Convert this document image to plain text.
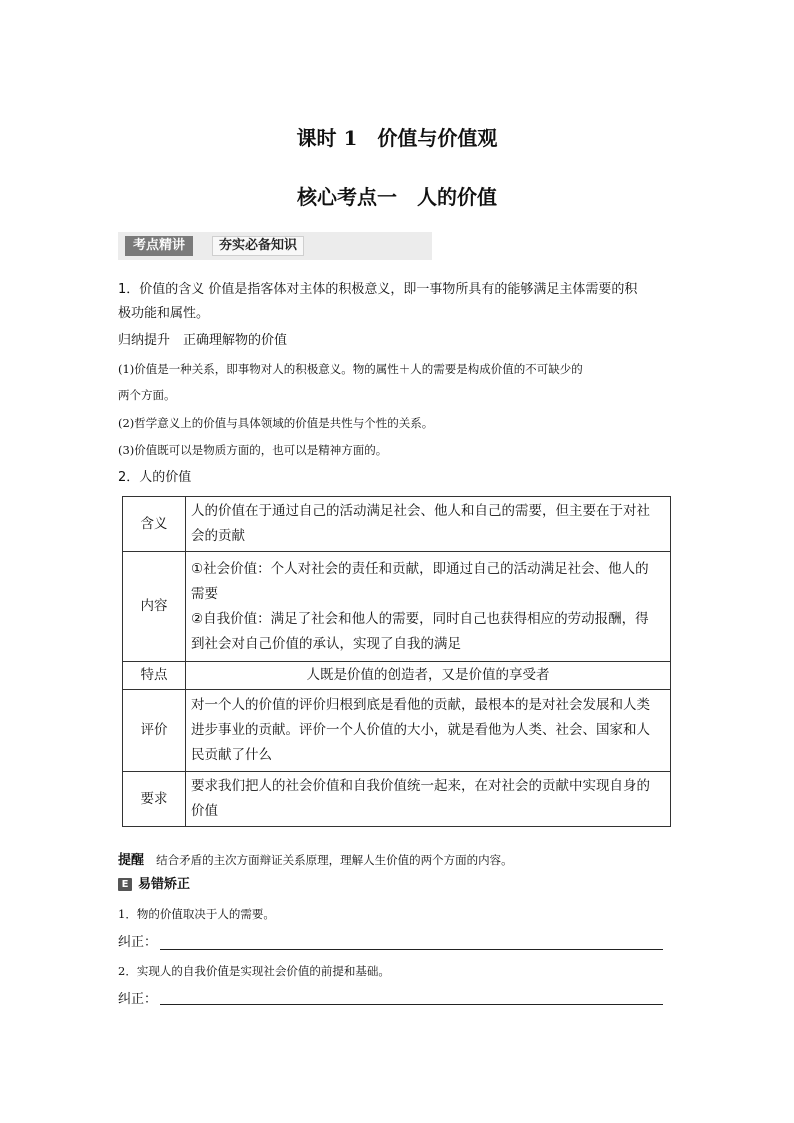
课时 1　价值与价值观
核心考点一　人的价值
考点精讲	夯实必备知识
1．价值的含义 价值是指客体对主体的积极意义，即一事物所具有的能够满足主体需要的积
极功能和属性。
归纳提升　正确理解物的价值
(1)价值是一种关系，即事物对人的积极意义。物的属性＋人的需要是构成价值的不可缺少的
两个方面。
(2)哲学意义上的价值与具体领域的价值是共性与个性的关系。
(3)价值既可以是物质方面的，也可以是精神方面的。
2．人的价值
含义	人的价值在于通过自己的活动满足社会、他人和自己的需要，但主要在于对社
会的贡献

内容	①社会价值：个人对社会的责任和贡献，即通过自己的活动满足社会、他人的
需要
②自我价值：满足了社会和他人的需要，同时自己也获得相应的劳动报酬，得
到社会对自己价值的承认，实现了自我的满足

特点	人既是价值的创造者，又是价值的享受者

评价	对一个人的价值的评价归根到底是看他的贡献，最根本的是对社会发展和人类
进步事业的贡献。评价一个人价值的大小，就是看他为人类、社会、国家和人
民贡献了什么

要求	要求我们把人的社会价值和自我价值统一起来，在对社会的贡献中实现自身的
价值
提醒 结合矛盾的主次方面辩证关系原理，理解人生价值的两个方面的内容。
E 易错矫正
1．物的价值取决于人的需要。
纠正：
2．实现人的自我价值是实现社会价值的前提和基础。
纠正：
